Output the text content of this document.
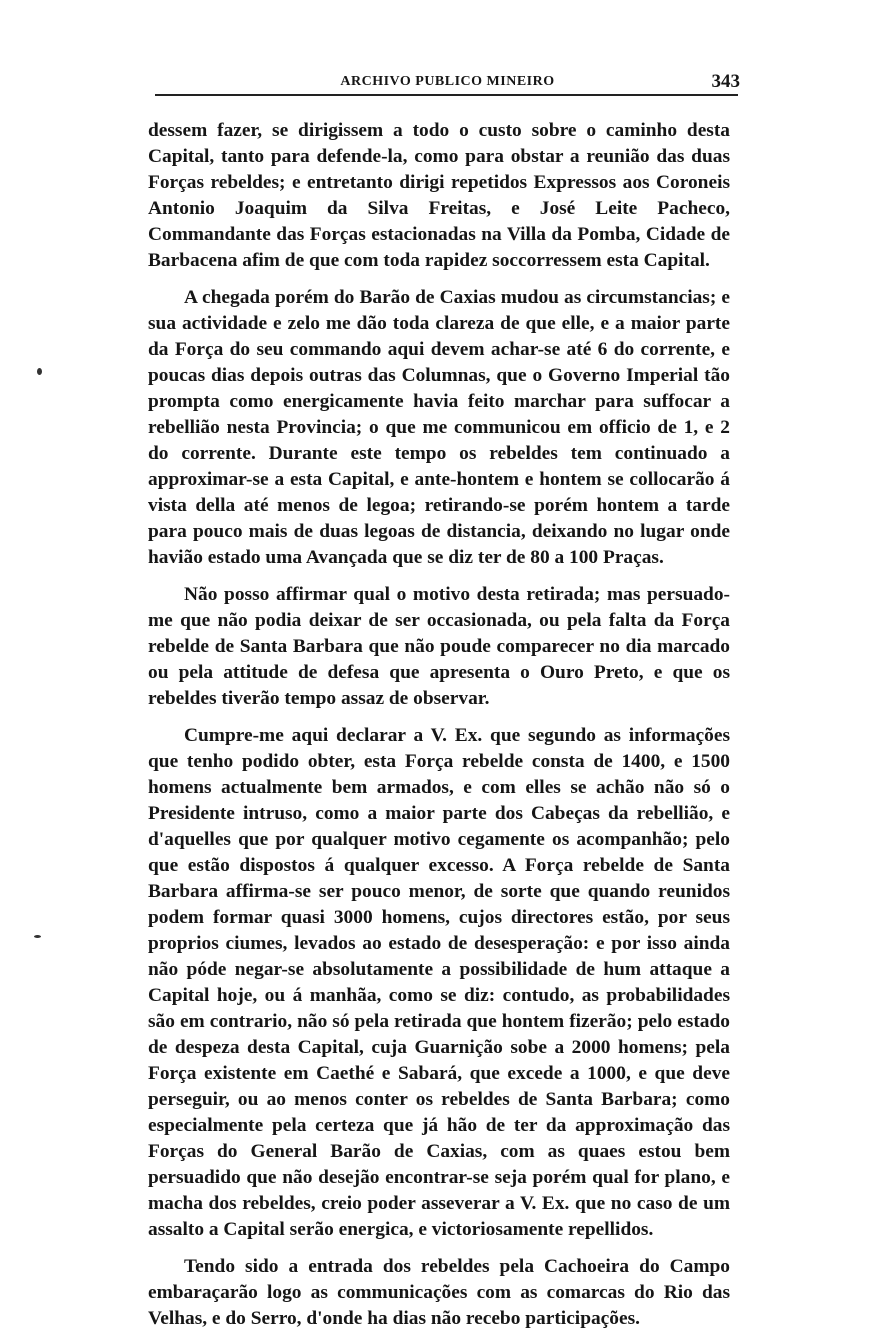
ARCHIVO PUBLICO MINEIRO	343

dessem fazer, se dirigissem a todo o custo sobre o caminho desta Capital, tanto para defende-la, como para obstar a reunião das duas Forças rebeldes; e entretanto dirigi repetidos Expressos aos Coroneis Antonio Joaquim da Silva Freitas, e José Leite Pacheco, Commandante das Forças estacionadas na Villa da Pomba, Cidade de Barbacena afim de que com toda rapidez soccorressem esta Capital.

A chegada porém do Barão de Caxias mudou as circumstancias; e sua actividade e zelo me dão toda clareza de que elle, e a maior parte da Força do seu commando aqui devem achar-se até 6 do corrente, e poucas dias depois outras das Columnas, que o Governo Imperial tão prompta como energicamente havia feito marchar para suffocar a rebellião nesta Provincia; o que me communicou em officio de 1, e 2 do corrente. Durante este tempo os rebeldes tem continuado a approximar-se a esta Capital, e ante-hontem e hontem se collocarão á vista della até menos de legoa; retirando-se porém hontem a tarde para pouco mais de duas legoas de distancia, deixando no lugar onde havião estado uma Avançada que se diz ter de 80 a 100 Praças.

Não posso affirmar qual o motivo desta retirada; mas persuado-me que não podia deixar de ser occasionada, ou pela falta da Força rebelde de Santa Barbara que não poude comparecer no dia marcado ou pela attitude de defesa que apresenta o Ouro Preto, e que os rebeldes tiverão tempo assaz de observar.

Cumpre-me aqui declarar a V. Ex. que segundo as informações que tenho podido obter, esta Força rebelde consta de 1400, e 1500 homens actualmente bem armados, e com elles se achão não só o Presidente intruso, como a maior parte dos Cabeças da rebellião, e d'aquelles que por qualquer motivo cegamente os acompanhão; pelo que estão dispostos á qualquer excesso. A Força rebelde de Santa Barbara affirma-se ser pouco menor, de sorte que quando reunidos podem formar quasi 3000 homens, cujos directores estão, por seus proprios ciumes, levados ao estado de desesperação: e por isso ainda não póde negar-se absolutamente a possibilidade de hum attaque a Capital hoje, ou á manhãa, como se diz: contudo, as probabilidades são em contrario, não só pela retirada que hontem fizerão; pelo estado de despeza desta Capital, cuja Guarnição sobe a 2000 homens; pela Força existente em Caethé e Sabará, que excede a 1000, e que deve perseguir, ou ao menos conter os rebeldes de Santa Barbara; como especialmente pela certeza que já hão de ter da approximação das Forças do General Barão de Caxias, com as quaes estou bem persuadido que não desejão encontrar-se seja porém qual for plano, e macha dos rebeldes, creio poder asseverar a V. Ex. que no caso de um assalto a Capital serão energica, e victoriosamente repellidos.

Tendo sido a entrada dos rebeldes pela Cachoeira do Campo embaraçarão logo as communicações com as comarcas do Rio das Velhas, e do Serro, d'onde ha dias não recebo participações.
